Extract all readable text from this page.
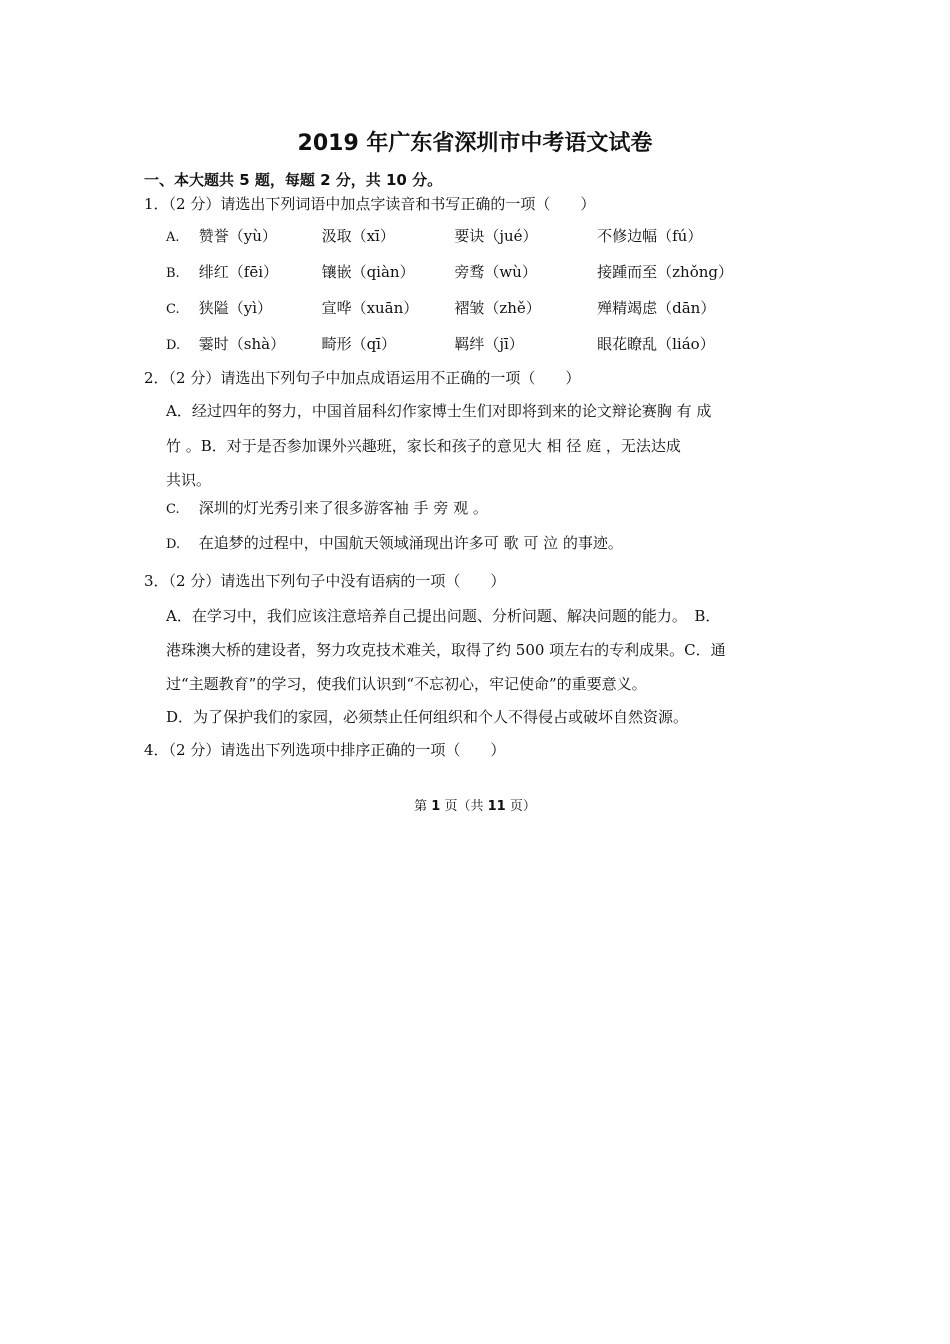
2019 年广东省深圳市中考语文试卷
一、本大题共 5 题，每题 2 分，共 10 分。
1．（2 分）请选出下列词语中加点字读音和书写正确的一项（　　）
A. 赞誉（yù）	汲取（xī）	要诀（jué）	不修边幅（fú）
B. 绯红（fēi）	镶嵌（qiàn）	旁骛（wù）	接踵而至（zhǒng）
C. 狭隘（yì）	宣哗（xuān） 褶皱（zhě）	殚精竭虑（dān）
D. 霎时（shà） 畸形（qī）	羁绊（jī）	眼花瞭乱（liáo）
2．（2 分）请选出下列句子中加点成语运用不正确的一项（　　）
A．经过四年的努力，中国首届科幻作家博士生们对即将到来的论文辩论赛胸 有 成
竹 。B．对于是否参加课外兴趣班，家长和孩子的意见大 相 径 庭 ，无法达成
共识。
C. 深圳的灯光秀引来了很多游客袖 手 旁 观 。
D. 在追梦的过程中，中国航天领域涌现出许多可 歌 可 泣 的事迹。
3．（2 分）请选出下列句子中没有语病的一项（　　）
A．在学习中，我们应该注意培养自己提出问题、分析问题、解决问题的能力。　B．
港珠澳大桥的建设者，努力攻克技术难关，取得了约 500 项左右的专利成果。C．通
过“主题教育”的学习，使我们认识到“不忘初心，牢记使命”的重要意义。
D．为了保护我们的家园，必须禁止任何组织和个人不得侵占或破坏自然资源。
4．（2 分）请选出下列选项中排序正确的一项（　　）
第 1 页（共 11 页）
